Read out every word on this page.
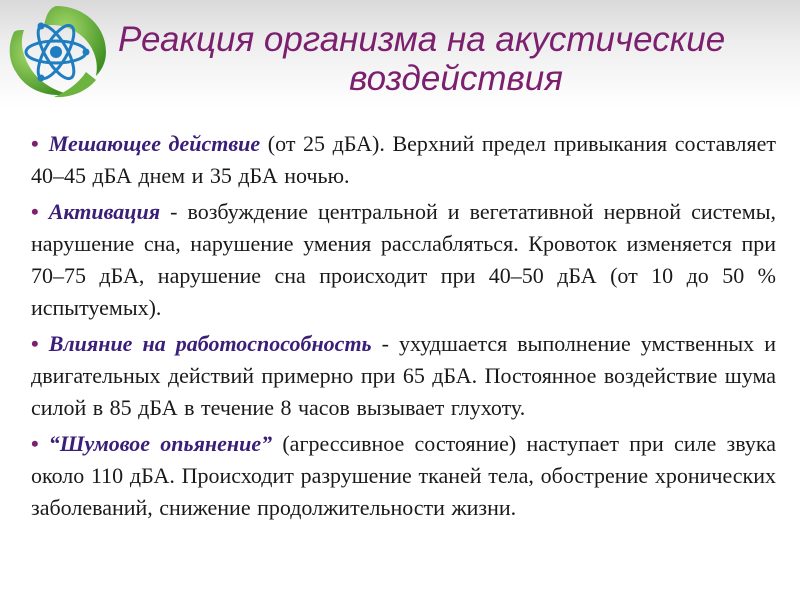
Реакция организма на акустические
воздействия

• Мешающее действие (от 25 дБА). Верхний предел привыкания составляет 40–45 дБА днем и 35 дБА ночью.

• Активация - возбуждение центральной и вегетативной нервной системы, нарушение сна, нарушение умения расслабляться. Кровоток изменяется при 70–75 дБА, нарушение сна происходит при 40–50 дБА (от 10 до 50 % испытуемых).

• Влияние на работоспособность - ухудшается выполнение умственных и двигательных действий примерно при 65 дБА. Постоянное воздействие шума силой в 85 дБА в течение 8 часов вызывает глухоту.

• “Шумовое опьянение” (агрессивное состояние) наступает при силе звука около 110 дБА. Происходит разрушение тканей тела, обострение хронических заболеваний, снижение продолжительности жизни.
